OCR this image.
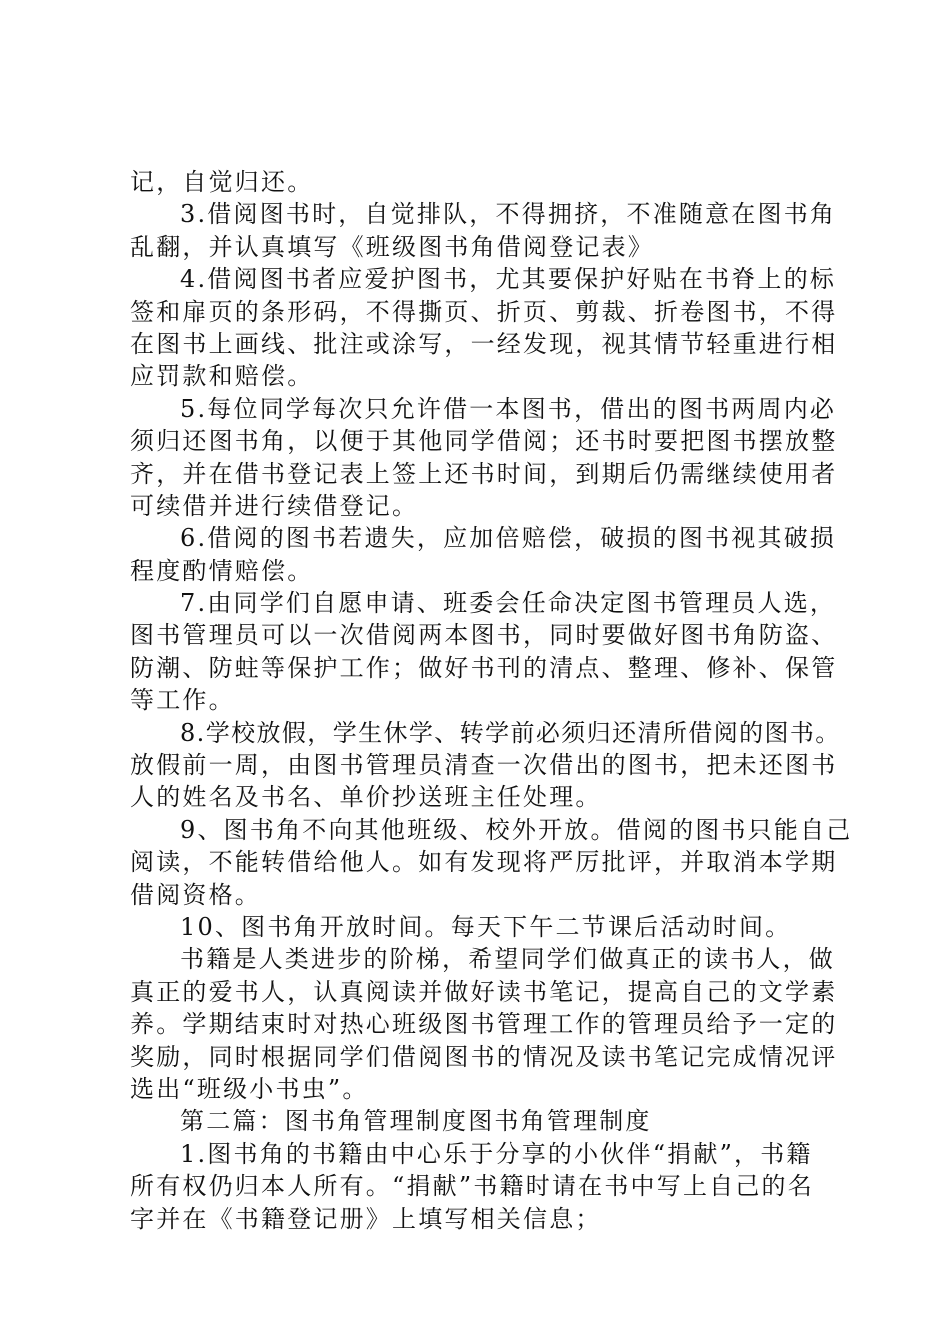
记，自觉归还。
3.借阅图书时，自觉排队，不得拥挤，不准随意在图书角
乱翻，并认真填写《班级图书角借阅登记表》
4.借阅图书者应爱护图书，尤其要保护好贴在书脊上的标
签和扉页的条形码，不得撕页、折页、剪裁、折卷图书，不得
在图书上画线、批注或涂写，一经发现，视其情节轻重进行相
应罚款和赔偿。
5.每位同学每次只允许借一本图书，借出的图书两周内必
须归还图书角，以便于其他同学借阅；还书时要把图书摆放整
齐，并在借书登记表上签上还书时间，到期后仍需继续使用者
可续借并进行续借登记。
6.借阅的图书若遗失，应加倍赔偿，破损的图书视其破损
程度酌情赔偿。
7.由同学们自愿申请、班委会任命决定图书管理员人选，
图书管理员可以一次借阅两本图书，同时要做好图书角防盗、
防潮、防蛀等保护工作；做好书刊的清点、整理、修补、保管
等工作。
8.学校放假，学生休学、转学前必须归还清所借阅的图书。
放假前一周，由图书管理员清查一次借出的图书，把未还图书
人的姓名及书名、单价抄送班主任处理。
9、图书角不向其他班级、校外开放。借阅的图书只能自己
阅读，不能转借给他人。如有发现将严厉批评，并取消本学期
借阅资格。
10、图书角开放时间。每天下午二节课后活动时间。
书籍是人类进步的阶梯，希望同学们做真正的读书人，做
真正的爱书人，认真阅读并做好读书笔记，提高自己的文学素
养。学期结束时对热心班级图书管理工作的管理员给予一定的
奖励，同时根据同学们借阅图书的情况及读书笔记完成情况评
选出“班级小书虫”。
第二篇：图书角管理制度图书角管理制度
1.图书角的书籍由中心乐于分享的小伙伴“捐献”，书籍
所有权仍归本人所有。“捐献”书籍时请在书中写上自己的名
字并在《书籍登记册》上填写相关信息；
